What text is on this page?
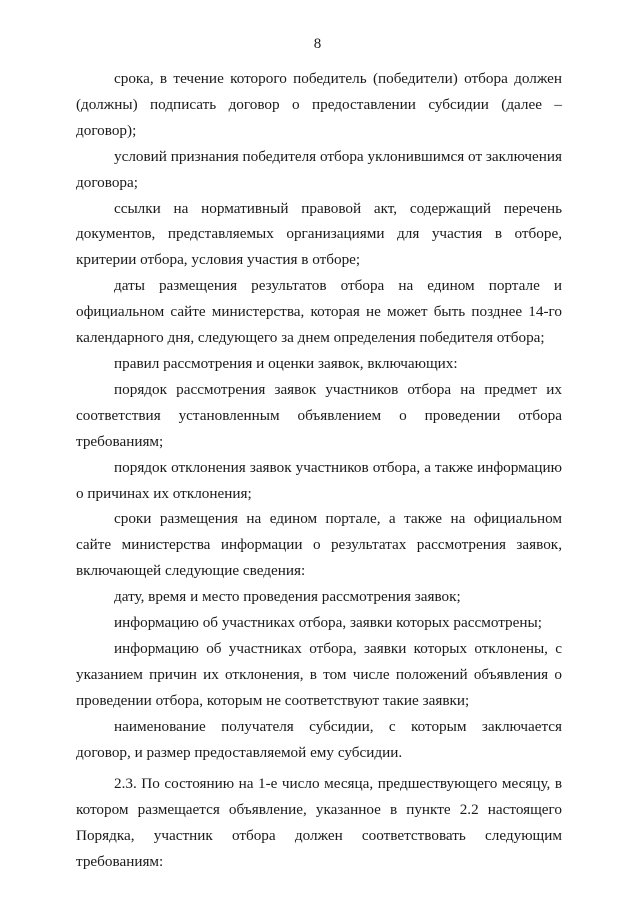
8

срока, в течение которого победитель (победители) отбора должен (должны) подписать договор о предоставлении субсидии (далее – договор);

условий признания победителя отбора уклонившимся от заключения договора;

ссылки на нормативный правовой акт, содержащий перечень документов, представляемых организациями для участия в отборе, критерии отбора, условия участия в отборе;

даты размещения результатов отбора на едином портале и официальном сайте министерства, которая не может быть позднее 14-го календарного дня, следующего за днем определения победителя отбора;

правил рассмотрения и оценки заявок, включающих:

порядок рассмотрения заявок участников отбора на предмет их соответствия установленным объявлением о проведении отбора требованиям;

порядок отклонения заявок участников отбора, а также информацию о причинах их отклонения;

сроки размещения на едином портале, а также на официальном сайте министерства информации о результатах рассмотрения заявок, включающей следующие сведения:

дату, время и место проведения рассмотрения заявок;

информацию об участниках отбора, заявки которых рассмотрены;

информацию об участниках отбора, заявки которых отклонены, с указанием причин их отклонения, в том числе положений объявления о проведении отбора, которым не соответствуют такие заявки;

наименование получателя субсидии, с которым заключается договор, и размер предоставляемой ему субсидии.

2.3. По состоянию на 1-е число месяца, предшествующего месяцу, в котором размещается объявление, указанное в пункте 2.2 настоящего Порядка, участник отбора должен соответствовать следующим требованиям:
